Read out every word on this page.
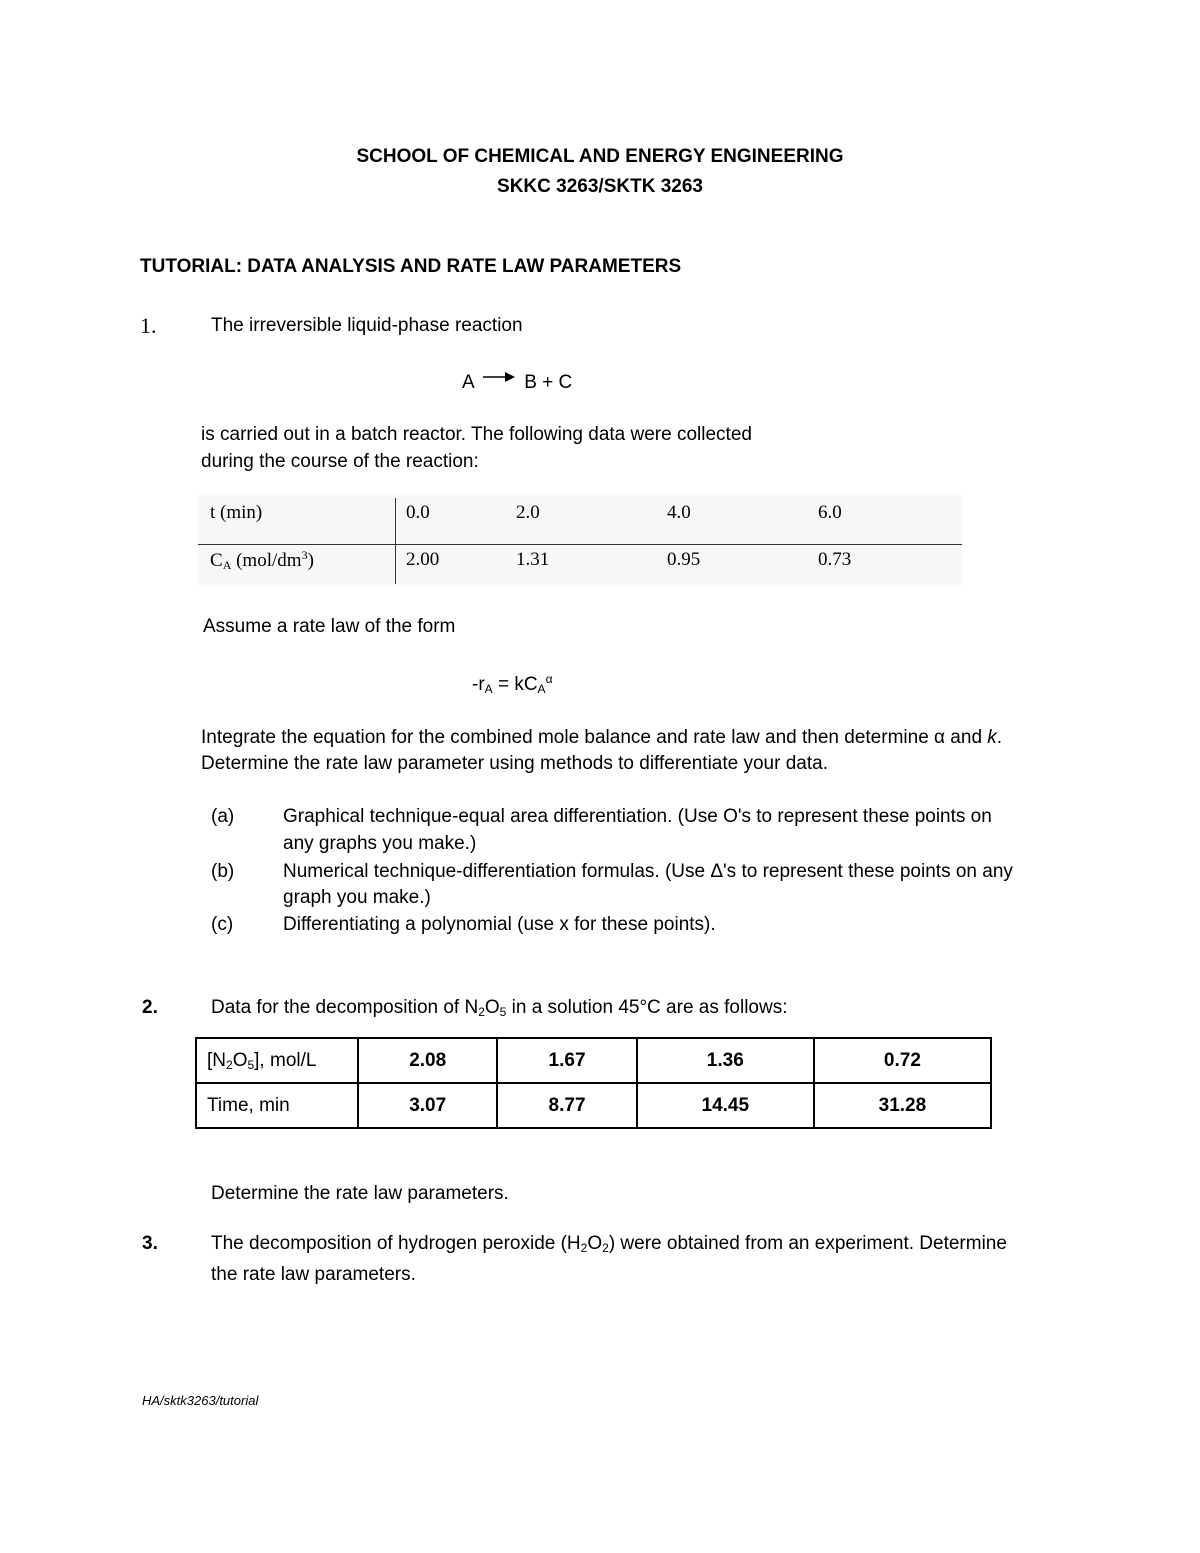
SCHOOL OF CHEMICAL AND ENERGY ENGINEERING
SKKC 3263/SKTK 3263
TUTORIAL: DATA ANALYSIS AND RATE LAW PARAMETERS
1.	The irreversible liquid-phase reaction
A → B + C
is carried out in a batch reactor. The following data were collected
during the course of the reaction:
t (min)	0.0	2.0	4.0	6.0
$C_A$ $(mol/dm^3)$	2.00	1.31	0.95	0.73
Assume a rate law of the form
$-r_A = kC_A^\alpha$
Integrate the equation for the combined mole balance and rate law and then determine α and k.
Determine the rate law parameter using methods to differentiate your data.
(a)	Graphical technique-equal area differentiation. (Use O's to represent these points on
any graphs you make.)
(b)	Numerical technique-differentiation formulas. (Use Δ's to represent these points on any
graph you make.)
(c)	Differentiating a polynomial (use x for these points).
2.	Data for the decomposition of $N_2O_5$ in a solution 45°C are as follows:
$[N_2O_5]$, mol/L	2.08	1.67	1.36	0.72
Time, min	3.07	8.77	14.45	31.28
Determine the rate law parameters.
3.	The decomposition of hydrogen peroxide $(H_2O_2)$ were obtained from an experiment. Determine
the rate law parameters.
HA/sktk3263/tutorial
